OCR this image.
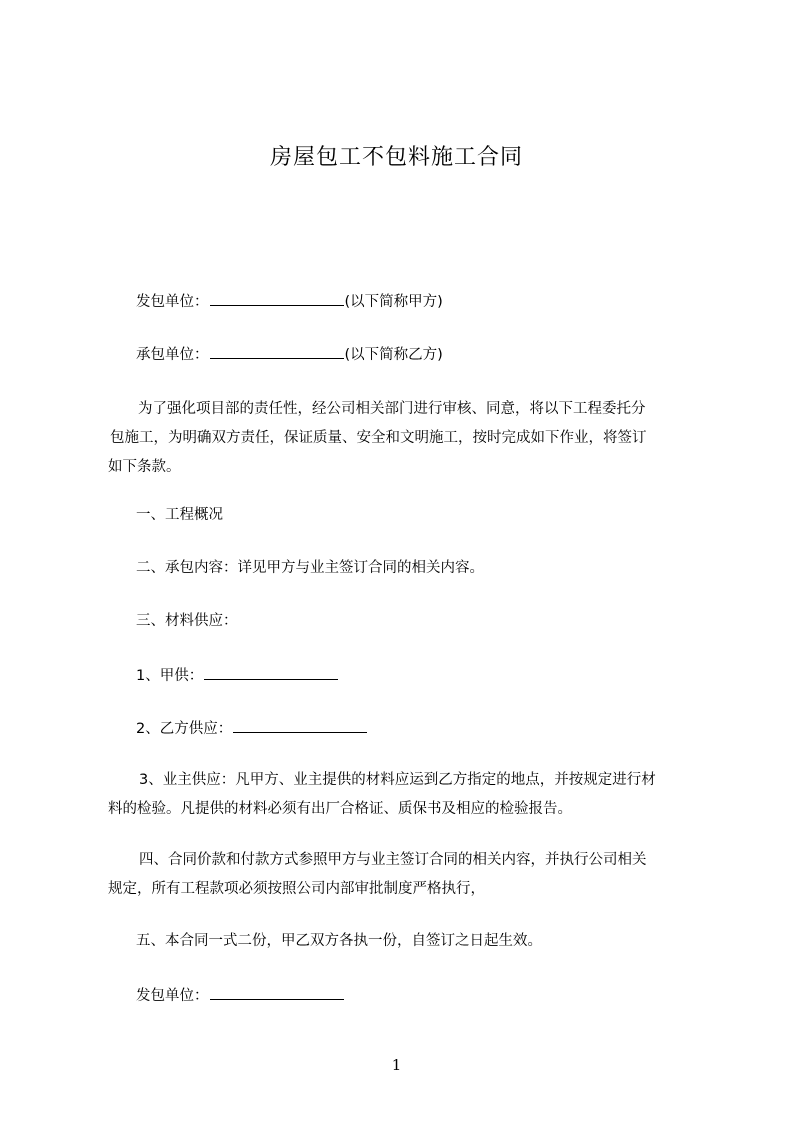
房屋包工不包料施工合同
发包单位：	(以下简称甲方)
承包单位：	(以下简称乙方)
为了强化项目部的责任性，经公司相关部门进行审核、同意，将以下工程委托分
包施工，为明确双方责任，保证质量、安全和文明施工，按时完成如下作业，将签订
如下条款。
一、工程概况
二、承包内容：详见甲方与业主签订合同的相关内容。
三、材料供应：
1、甲供：
2、乙方供应：
3、业主供应：凡甲方、业主提供的材料应运到乙方指定的地点，并按规定进行材
料的检验。凡提供的材料必须有出厂合格证、质保书及相应的检验报告。
四、合同价款和付款方式参照甲方与业主签订合同的相关内容，并执行公司相关
规定，所有工程款项必须按照公司内部审批制度严格执行，
五、本合同一式二份，甲乙双方各执一份，自签订之日起生效。
发包单位：
1
